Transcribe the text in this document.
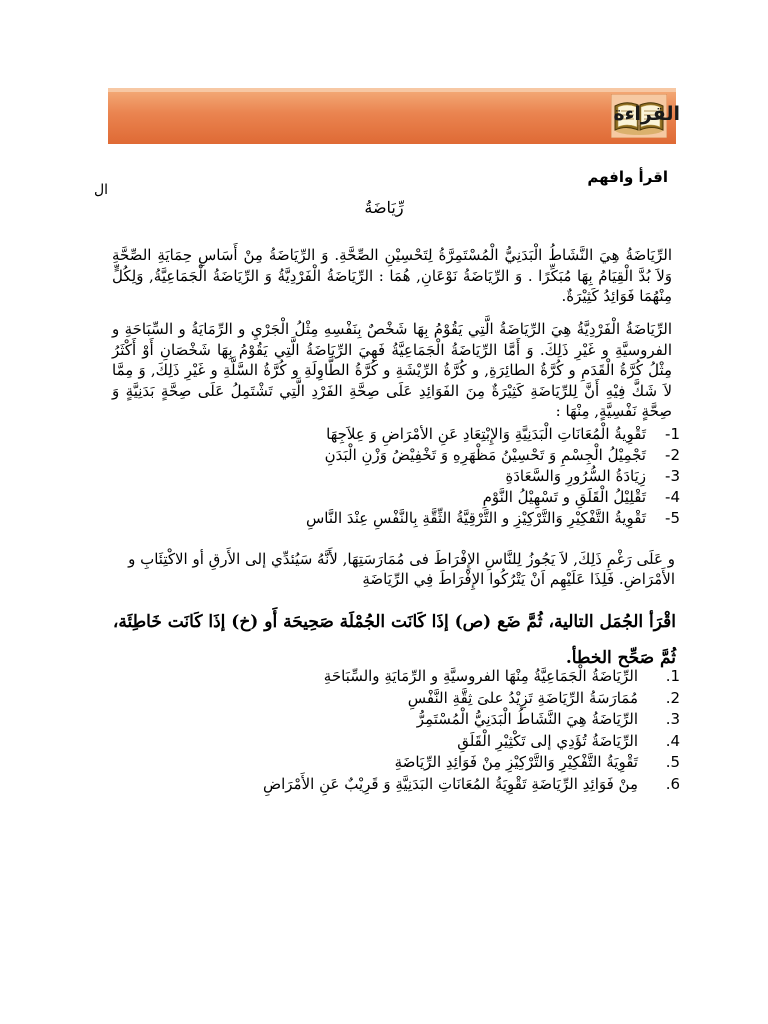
القراءة
ال
اقرأ وافهم
رِّيَاضَةُ

الرِّيَاضَةُ هِيَ النَّشَاطُ الْبَدَنِيُّ الْمُسْتَمِرَّةُ لِتَحْسِيْنِ الصِّحَّةِ. وَ الرِّيَاضَةُ مِنْ أَسَاسِ حِمَايَةِ الصِّحَّةِ وَلاَ بُدَّ الْقِيَامُ بِهَا مُبَكِّرًا . وَ الرِّيَاضَةُ نَوْعَانِ, هُمَا : الرِّيَاضَةُ الْفَرْدِيَّةُ وَ الرِّيَاضَةُ الْجَمَاعِيَّةُ, وَلِكُلٍّ مِنْهُمَا فَوَائِدُ كَثِيْرَةٌ.

الرِّيَاضَةُ الْفَرْدِيَّةُ هِيَ الرِّيَاضَةُ الَّتِي يَقُوْمُ بِهَا شَخْصٌ بِنَفْسِهِ مِثْلُ الْجَرْيِ و الرِّمَايَةُ و السِّبَاحَةِ و الفروسيَّةِ و غَيْرِ ذَلِكَ. وَ أَمَّا الرِّيَاضَةُ الْجَمَاعِيَّةُ فَهِيَ الرِّيَاضَةُ الَّتِي يَقُوْمُ بِهَا شَخْصَانِ أَوْ أَكْثَرُ مِثْلُ كُرَّةُ الْقَدَمِ و كُرَّةُ الطائِرَةِ, و كُرَّةُ الرِّيْشَةِ و كُرَّةُ الطَّاوِلَةِ و كُرَّةُ السَّلَّةِ و غَيْرِ ذَلِكَ, وَ مِمَّا لاَ شَكَّ فِيْهِ أَنَّ لِلرِّيَاضَةِ كَثِيْرَةٌ مِنَ الفَوَائِدِ عَلَى صِحَّةِ الفَرْدِ الَّتِي تَشْتَمِلُ عَلَى صِحَّةٍ بَدَنِيَّةٍ وَ صِحَّةٍ نَفْسِيَّةٍ, مِنْهَا :

-1
تَقْوِيةُ الْمُعَانَاتِ الْبَدَنِيَّةِ وَالإِبْتِعَادِ عَنِ الأمْرَاضِ وَ عِلاَجِهَا
-2
تَجْمِيْلُ الْجِسْمِ وَ تَحْسِيْنُ مَظْهَرِهِ وَ تَخْفِيْضُ وَزْنِ الْبَدَنِ
-3
زِيَادَةُ السُّرُورِ وَالسَّعَادَةِ
-4
تَقْلِيْلُ الْقَلَقِ و تَسْهِيْلُ النَّوْمِ
-5
تَقْوِيةُ التَّفْكِيْرِ وَالتَّرْكِيْزِ و التَّرْقِيَّةُ الثِّقَّةِ بِالنَّفْسِ عِنْدَ النَّاسِ

و عَلَى رَغْمِ ذَلِكَ, لاَ يَجُوزُ لِلنَّاسِ الإِفْرَاطَ فى مُمَارَسَتِهَا, لأَنَّهُ سَيُئدِّي إلى الأَرقِ أو الاكْتِئَابِ و الأَمْرَاضِ. فَلِذَا عَلَيْهِم اَنْ يَتْرُكُوا الإِفْرَاطَ فِي الرِّيَاضَةِ

اقْرَأ الجُمَل التالية، ثُمَّ ضَع (ص) إذَا كَانَت الجُمْلَة صَحِيحَة أَو (خ) إذَا كَانَت خَاطِئَة، ثُمَّ صَحِّح الخطأ.

.1
الرِّيَاضَةُ الْجَمَاعِيَّةُ مِنْهَا الفروسيَّةِ و الرِّمَايَةِ والسِّبَاحَةِ
.2
مُمَارَسَةُ الرِّيَاضَةِ تَزِيْدُ علىَ ثِقَّةِ النَّفْسِ
.3
الرِّيَاضَةُ هِيَ النَّشَاطُ الْبَدَنِيُّ الْمُسْتَمِرُّ
.4
الرِّيَاضَةُ تُؤَدِي إلى تَكْثِيْرِ الْقَلَقِ
.5
تَقْوِيَةُ التَّفْكِيْرِ وَالتَّرْكِيْزِ مِنْ فَوَائِدِ الرِّيَاضَةِ
.6
مِنْ فَوَائِدِ الرِّيَاضَةِ تَقْوِيَةُ المُعَانَاتِ البَدَنِيَّةِ وَ قَرِيْبٌ عَنِ الأَمْرَاضِ
